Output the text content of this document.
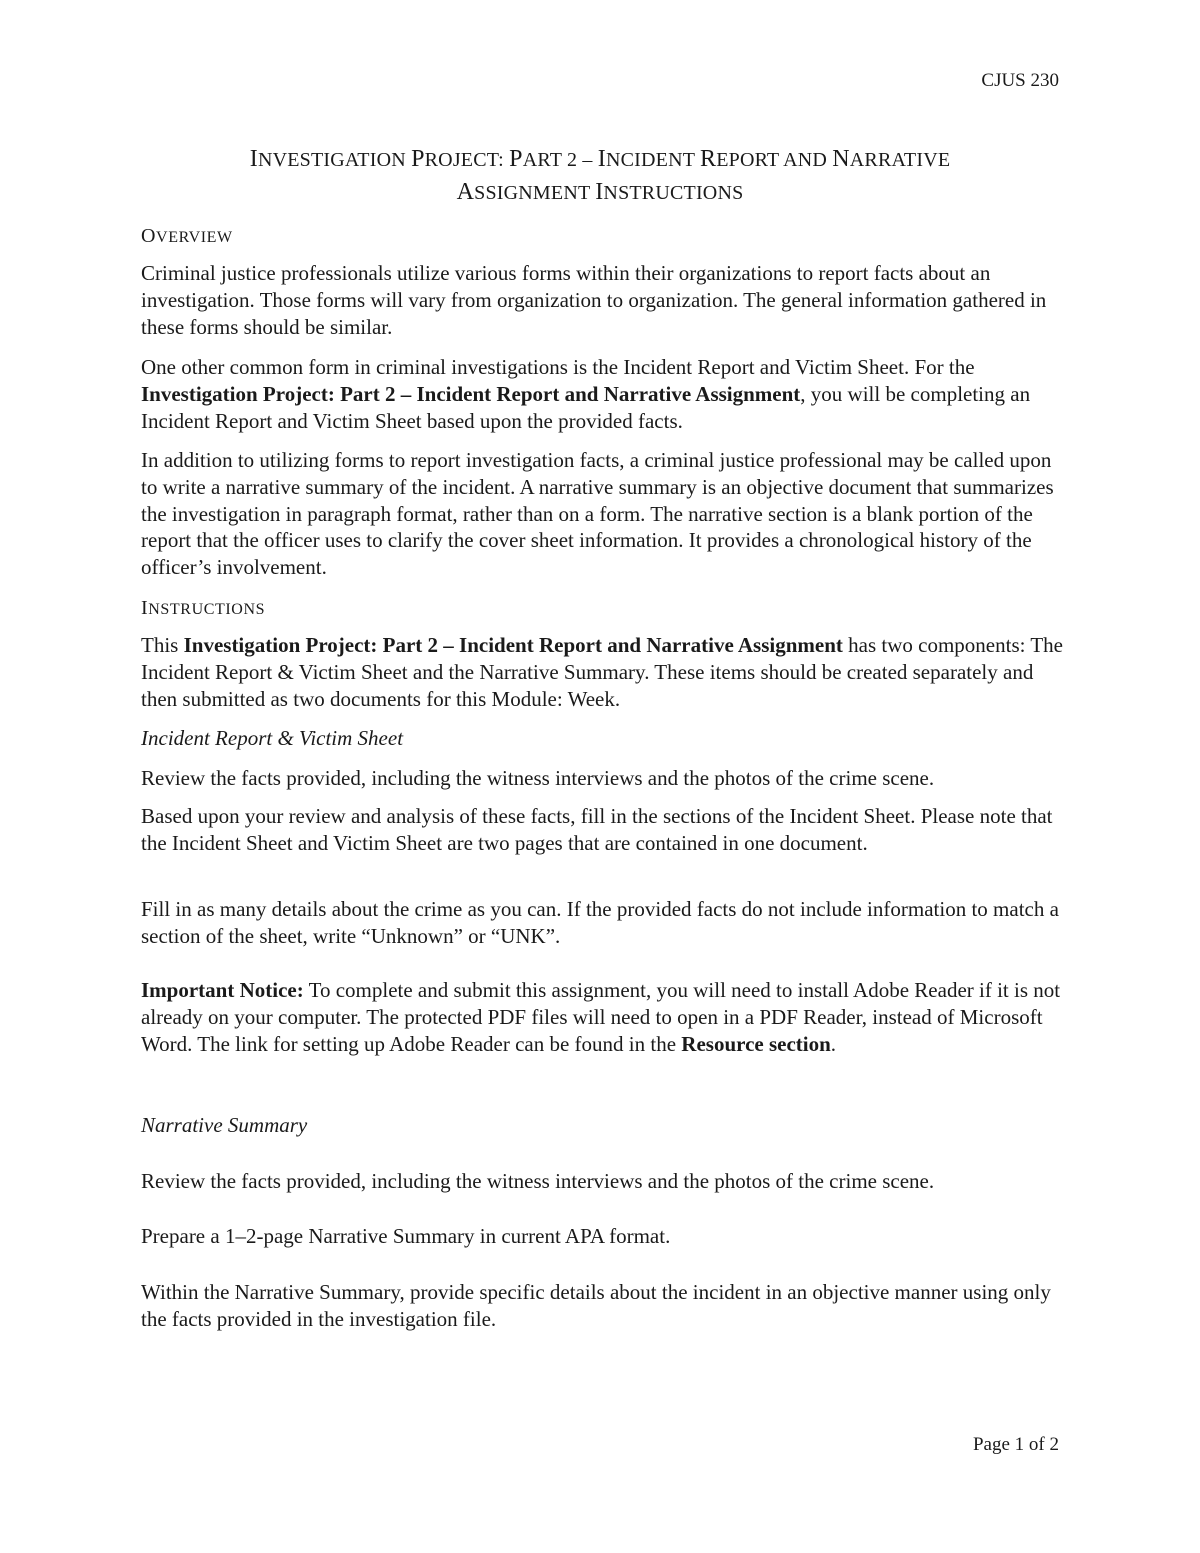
CJUS 230
INVESTIGATION PROJECT: PART 2 – INCIDENT REPORT AND NARRATIVE
ASSIGNMENT INSTRUCTIONS
OVERVIEW

Criminal justice professionals utilize various forms within their organizations to report facts about an investigation. Those forms will vary from organization to organization. The general information gathered in these forms should be similar.

One other common form in criminal investigations is the Incident Report and Victim Sheet. For the Investigation Project: Part 2 – Incident Report and Narrative Assignment, you will be completing an Incident Report and Victim Sheet based upon the provided facts.

In addition to utilizing forms to report investigation facts, a criminal justice professional may be called upon to write a narrative summary of the incident. A narrative summary is an objective document that summarizes the investigation in paragraph format, rather than on a form. The narrative section is a blank portion of the report that the officer uses to clarify the cover sheet information. It provides a chronological history of the officer’s involvement.

INSTRUCTIONS

This Investigation Project: Part 2 – Incident Report and Narrative Assignment has two components: The Incident Report & Victim Sheet and the Narrative Summary. These items should be created separately and then submitted as two documents for this Module: Week.

Incident Report & Victim Sheet

Review the facts provided, including the witness interviews and the photos of the crime scene.

Based upon your review and analysis of these facts, fill in the sections of the Incident Sheet. Please note that the Incident Sheet and Victim Sheet are two pages that are contained in one document.

Fill in as many details about the crime as you can. If the provided facts do not include information to match a section of the sheet, write “Unknown” or “UNK”.

Important Notice: To complete and submit this assignment, you will need to install Adobe Reader if it is not already on your computer. The protected PDF files will need to open in a PDF Reader, instead of Microsoft Word. The link for setting up Adobe Reader can be found in the Resource section.

Narrative Summary

Review the facts provided, including the witness interviews and the photos of the crime scene.

Prepare a 1–2-page Narrative Summary in current APA format.

Within the Narrative Summary, provide specific details about the incident in an objective manner using only the facts provided in the investigation file.

Page 1 of 2
